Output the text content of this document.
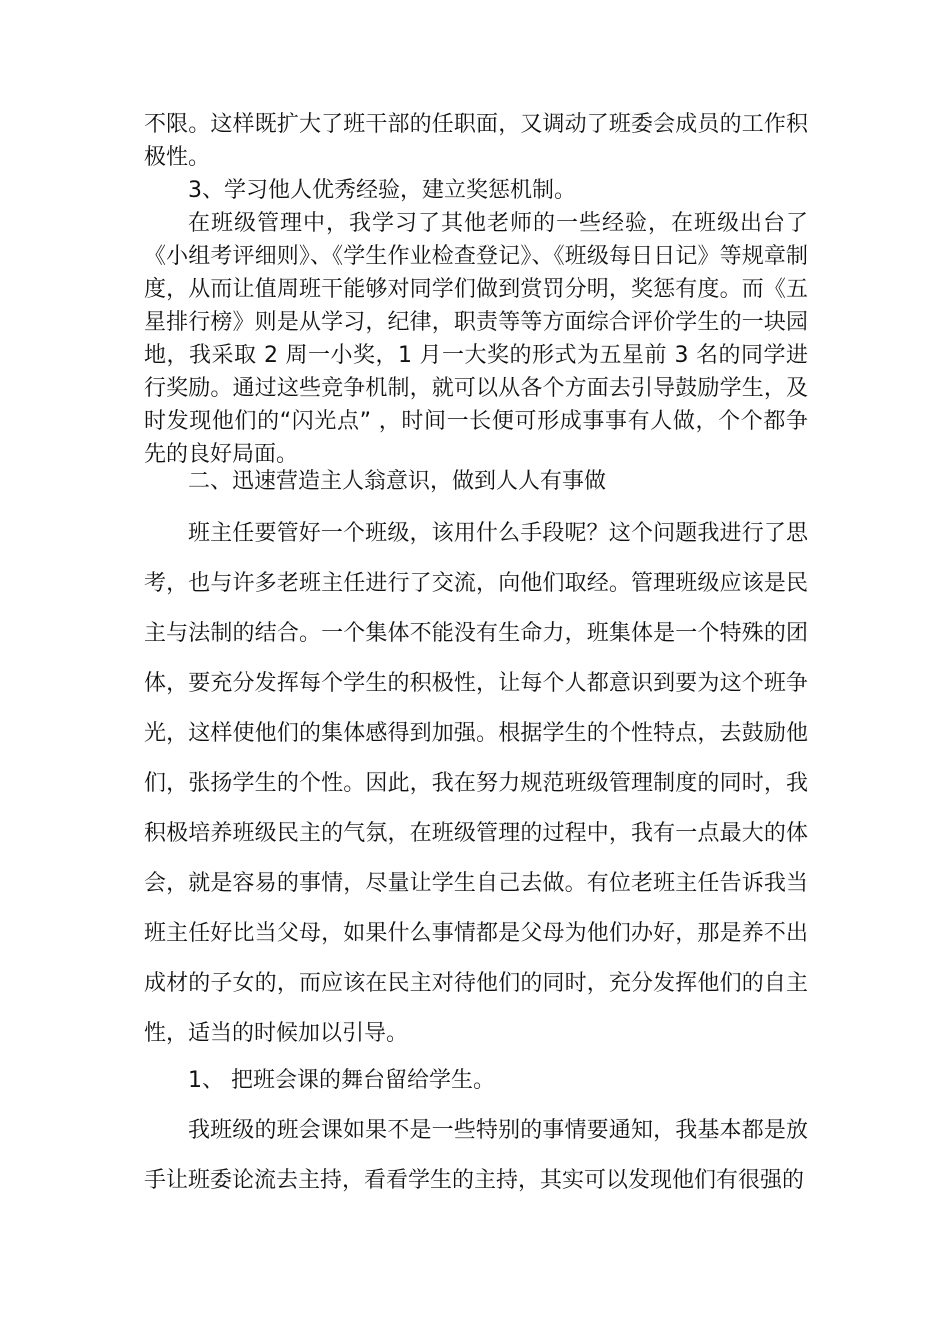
不限。这样既扩大了班干部的任职面，又调动了班委会成员的工作积极性。

3、学习他人优秀经验，建立奖惩机制。

在班级管理中，我学习了其他老师的一些经验，在班级出台了《小组考评细则》、《学生作业检查登记》、《班级每日日记》等规章制度，从而让值周班干能够对同学们做到赏罚分明，奖惩有度。而《五星排行榜》则是从学习，纪律，职责等等方面综合评价学生的一块园地，我采取 2 周一小奖，1 月一大奖的形式为五星前 3 名的同学进行奖励。通过这些竞争机制，就可以从各个方面去引导鼓励学生，及时发现他们的“闪光点” ，时间一长便可形成事事有人做，个个都争先的良好局面。

二、迅速营造主人翁意识，做到人人有事做

班主任要管好一个班级，该用什么手段呢？这个问题我进行了思考，也与许多老班主任进行了交流，向他们取经。管理班级应该是民主与法制的结合。一个集体不能没有生命力，班集体是一个特殊的团体，要充分发挥每个学生的积极性，让每个人都意识到要为这个班争光，这样使他们的集体感得到加强。根据学生的个性特点，去鼓励他们，张扬学生的个性。因此，我在努力规范班级管理制度的同时，我积极培养班级民主的气氛，在班级管理的过程中，我有一点最大的体会，就是容易的事情，尽量让学生自己去做。有位老班主任告诉我当班主任好比当父母，如果什么事情都是父母为他们办好，那是养不出成材的子女的，而应该在民主对待他们的同时，充分发挥他们的自主性，适当的时候加以引导。

1、 把班会课的舞台留给学生。

我班级的班会课如果不是一些特别的事情要通知，我基本都是放手让班委论流去主持，看看学生的主持，其实可以发现他们有很强的
